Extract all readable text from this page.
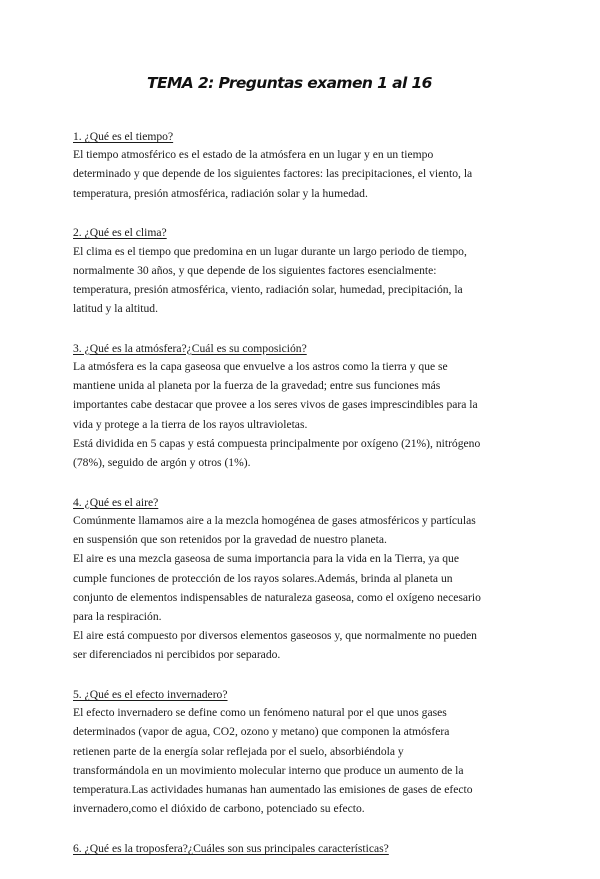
TEMA 2: Preguntas examen 1 al 16
1. ¿Qué es el tiempo?

El tiempo atmosférico es el estado de la atmósfera en un lugar y en un tiempo

determinado y que depende de los siguientes factores: las precipitaciones, el viento, la

temperatura, presión atmosférica, radiación solar y la humedad.

2. ¿Qué es el clima?

El clima es el tiempo que predomina en un lugar durante un largo periodo de tiempo,

normalmente 30 años, y que depende de los siguientes factores esencialmente:

temperatura, presión atmosférica, viento, radiación solar, humedad, precipitación, la

latitud y la altitud.

3. ¿Qué es la atmósfera?¿Cuál es su composición?

La atmósfera es la capa gaseosa que envuelve a los astros como la tierra y que se

mantiene unida al planeta por la fuerza de la gravedad; entre sus funciones más

importantes cabe destacar que provee a los seres vivos de gases imprescindibles para la

vida y protege a la tierra de los rayos ultravioletas.

Está dividida en 5 capas y está compuesta principalmente por oxígeno (21%), nitrógeno

(78%), seguido de argón y otros (1%).

4. ¿Qué es el aire?

Comúnmente llamamos aire a la mezcla homogénea de gases atmosféricos y partículas

en suspensión que son retenidos por la gravedad de nuestro planeta.

El aire es una mezcla gaseosa de suma importancia para la vida en la Tierra, ya que

cumple funciones de protección de los rayos solares.Además, brinda al planeta un

conjunto de elementos indispensables de naturaleza gaseosa, como el oxígeno necesario

para la respiración.

El aire está compuesto por diversos elementos gaseosos y, que normalmente no pueden

ser diferenciados ni percibidos por separado.

5. ¿Qué es el efecto invernadero?

El efecto invernadero se define como un fenómeno natural por el que unos gases

determinados (vapor de agua, CO2, ozono y metano) que componen la atmósfera

retienen parte de la energía solar reflejada por el suelo, absorbiéndola y

transformándola en un movimiento molecular interno que produce un aumento de la

temperatura.Las actividades humanas han aumentado las emisiones de gases de efecto

invernadero,como el dióxido de carbono, potenciado su efecto.

6. ¿Qué es la troposfera?¿Cuáles son sus principales características?
